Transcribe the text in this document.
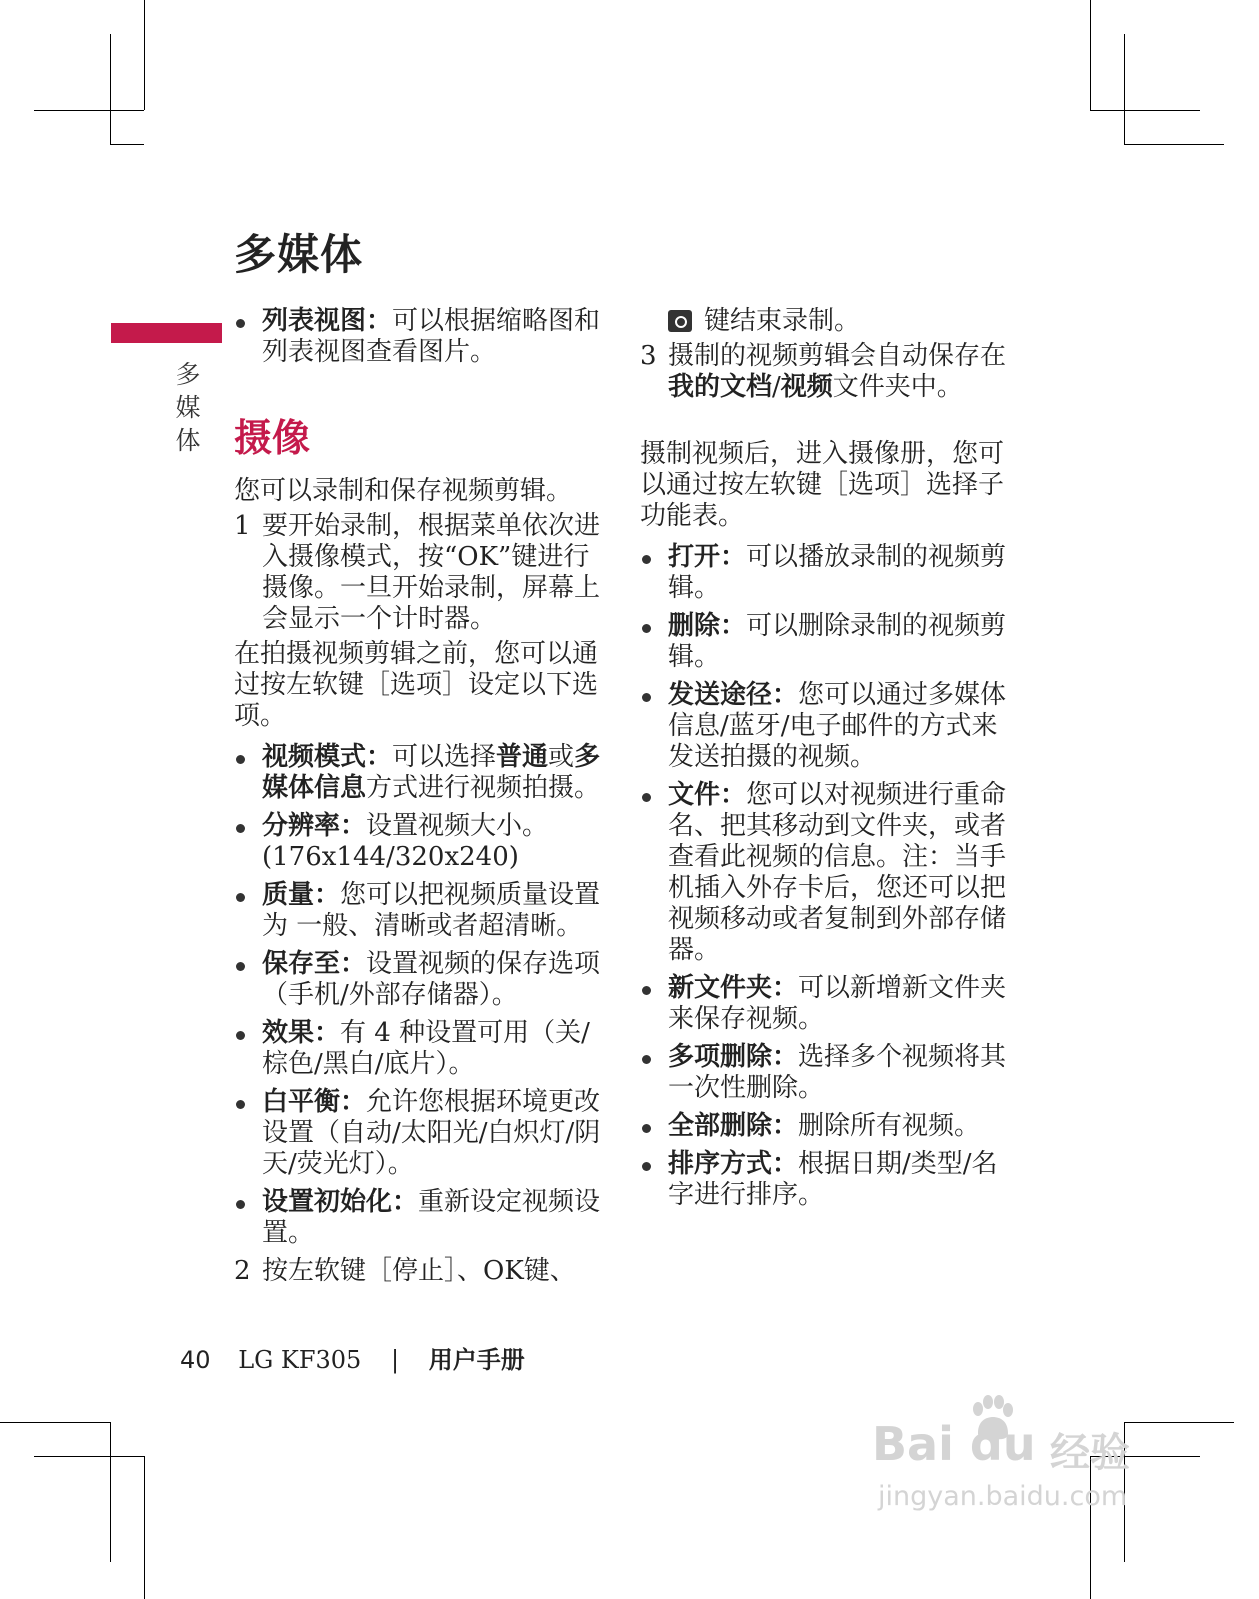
多媒体
多
媒
体
列表视图：可以根据缩略图和列表视图查看图片。
摄像

您可以录制和保存视频剪辑。

1 要开始录制，根据菜单依次进入摄像模式，按“OK”键进行摄像。一旦开始录制，屏幕上会显示一个计时器。

在拍摄视频剪辑之前，您可以通过按左软键［选项］设定以下选项。

视频模式：可以选择普通或多媒体信息方式进行视频拍摄。
分辨率：设置视频大小。(176x144/320x240)
质量：您可以把视频质量设置为 一般、清晰或者超清晰。
保存至：设置视频的保存选项（手机/外部存储器）。
效果：有 4 种设置可用（关/棕色/黑白/底片）。
白平衡：允许您根据环境更改设置（自动/太阳光/白炽灯/阴天/荧光灯）。
设置初始化：重新设定视频设置。
2 按左软键［停止］、OK键、

键结束录制。

3 摄制的视频剪辑会自动保存在我的文档/视频文件夹中。

摄制视频后，进入摄像册，您可以通过按左软键［选项］选择子功能表。

打开：可以播放录制的视频剪辑。
删除：可以删除录制的视频剪辑。
发送途径：您可以通过多媒体信息/蓝牙/电子邮件的方式来发送拍摄的视频。
文件：您可以对视频进行重命名、把其移动到文件夹，或者查看此视频的信息。注：当手机插入外存卡后，您还可以把视频移动或者复制到外部存储器。
新文件夹：可以新增新文件夹来保存视频。
多项删除：选择多个视频将其一次性删除。
全部删除：删除所有视频。
排序方式：根据日期/类型/名字进行排序。
40 LG KF305 | 用户手册
Bai du 经验
jingyan.baidu.com
